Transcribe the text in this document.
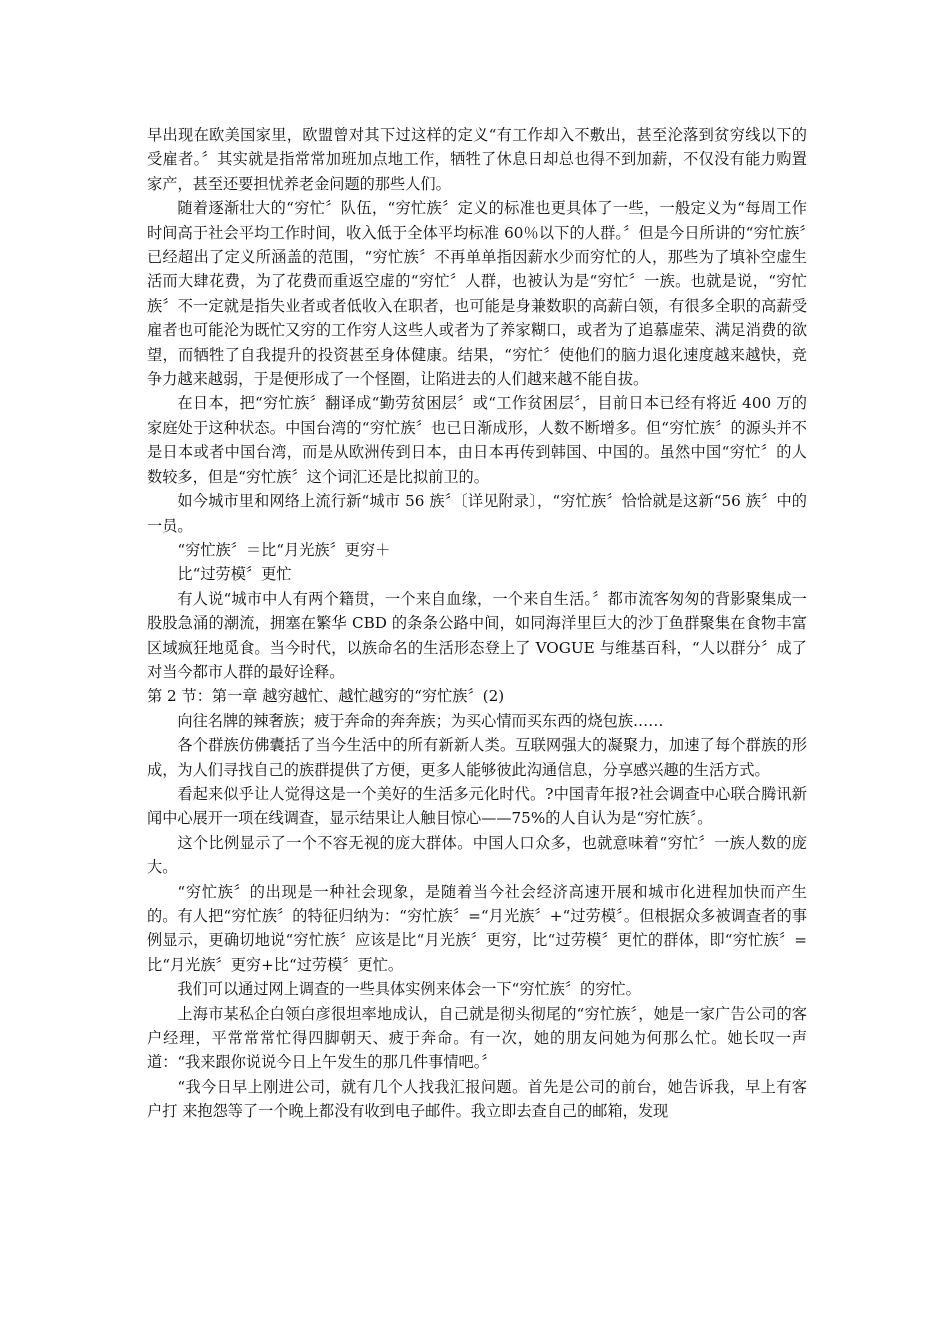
早出现在欧美国家里，欧盟曾对其下过这样的定义“有工作却入不敷出，甚至沦落到贫穷线以下的受雇者。〞其实就是指常常加班加点地工作，牺牲了休息日却总也得不到加薪，不仅没有能力购置家产，甚至还要担忧养老金问题的那些人们。

随着逐渐壮大的“穷忙〞队伍，“穷忙族〞定义的标准也更具体了一些，一般定义为“每周工作时间高于社会平均工作时间，收入低于全体平均标准 60％以下的人群。〞但是今日所讲的“穷忙族〞已经超出了定义所涵盖的范围，“穷忙族〞不再单单指因薪水少而穷忙的人，那些为了填补空虚生活而大肆花费，为了花费而重返空虚的“穷忙〞人群，也被认为是“穷忙〞一族。也就是说，“穷忙族〞不一定就是指失业者或者低收入在职者，也可能是身兼数职的高薪白领，有很多全职的高薪受雇者也可能沦为既忙又穷的工作穷人这些人或者为了养家糊口，或者为了追慕虚荣、满足消费的欲望，而牺牲了自我提升的投资甚至身体健康。结果，“穷忙〞使他们的脑力退化速度越来越快，竞争力越来越弱，于是便形成了一个怪圈，让陷进去的人们越来越不能自拔。

在日本，把“穷忙族〞翻译成“勤劳贫困层〞或“工作贫困层〞，目前日本已经有将近 400 万的家庭处于这种状态。中国台湾的“穷忙族〞也已日渐成形，人数不断增多。但“穷忙族〞的源头并不是日本或者中国台湾，而是从欧洲传到日本，由日本再传到韩国、中国的。虽然中国“穷忙〞的人数较多，但是“穷忙族〞这个词汇还是比拟前卫的。

如今城市里和网络上流行新“城市 56 族〞〔详见附录〕，“穷忙族〞恰恰就是这新“56 族〞中的一员。

“穷忙族〞＝比“月光族〞更穷＋

比“过劳模〞更忙

有人说“城市中人有两个籍贯，一个来自血缘，一个来自生活。〞都市流客匆匆的背影聚集成一股股急涌的潮流，拥塞在繁华 CBD 的条条公路中间，如同海洋里巨大的沙丁鱼群聚集在食物丰富区域疯狂地觅食。当今时代，以族命名的生活形态登上了 VOGUE 与维基百科，“人以群分〞成了对当今都市人群的最好诠释。

第 2 节：第一章 越穷越忙、越忙越穷的“穷忙族〞(2)

向往名牌的辣奢族；疲于奔命的奔奔族；为买心情而买东西的烧包族……

各个群族仿佛囊括了当今生活中的所有新新人类。互联网强大的凝聚力，加速了每个群族的形成，为人们寻找自己的族群提供了方便，更多人能够彼此沟通信息，分享感兴趣的生活方式。

看起来似乎让人觉得这是一个美好的生活多元化时代。?中国青年报?社会调查中心联合腾讯新闻中心展开一项在线调查，显示结果让人触目惊心——75%的人自认为是“穷忙族〞。

这个比例显示了一个不容无视的庞大群体。中国人口众多，也就意味着“穷忙〞一族人数的庞大。

“穷忙族〞的出现是一种社会现象，是随着当今社会经济高速开展和城市化进程加快而产生的。有人把“穷忙族〞的特征归纳为：“穷忙族〞=“月光族〞+“过劳模〞。但根据众多被调查者的事例显示，更确切地说“穷忙族〞应该是比“月光族〞更穷，比“过劳模〞更忙的群体，即“穷忙族〞=比“月光族〞更穷+比“过劳模〞更忙。

我们可以通过网上调查的一些具体实例来体会一下“穷忙族〞的穷忙。

上海市某私企白领白彦很坦率地成认，自己就是彻头彻尾的“穷忙族〞，她是一家广告公司的客户经理，平常常常忙得四脚朝天、疲于奔命。有一次，她的朋友问她为何那么忙。她长叹一声道：“我来跟你说说今日上午发生的那几件事情吧。〞

“我今日早上刚进公司，就有几个人找我汇报问题。首先是公司的前台，她告诉我，早上有客户打 来抱怨等了一个晚上都没有收到电子邮件。我立即去查自己的邮箱，发现
